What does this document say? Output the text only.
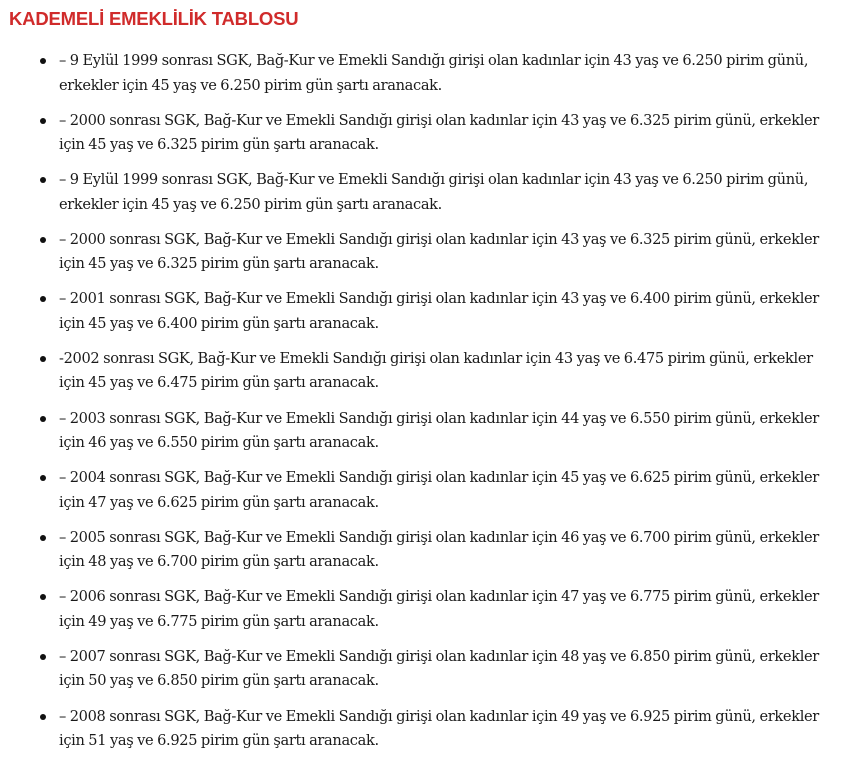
KADEMELİ EMEKLİLİK TABLOSU
– 9 Eylül 1999 sonrası SGK, Bağ-Kur ve Emekli Sandığı girişi olan kadınlar için 43 yaş ve 6.250 pirim günü, erkekler için 45 yaş ve 6.250 pirim gün şartı aranacak.
– 2000 sonrası SGK, Bağ-Kur ve Emekli Sandığı girişi olan kadınlar için 43 yaş ve 6.325 pirim günü, erkekler için 45 yaş ve 6.325 pirim gün şartı aranacak.
– 9 Eylül 1999 sonrası SGK, Bağ-Kur ve Emekli Sandığı girişi olan kadınlar için 43 yaş ve 6.250 pirim günü, erkekler için 45 yaş ve 6.250 pirim gün şartı aranacak.
– 2000 sonrası SGK, Bağ-Kur ve Emekli Sandığı girişi olan kadınlar için 43 yaş ve 6.325 pirim günü, erkekler için 45 yaş ve 6.325 pirim gün şartı aranacak.
– 2001 sonrası SGK, Bağ-Kur ve Emekli Sandığı girişi olan kadınlar için 43 yaş ve 6.400 pirim günü, erkekler için 45 yaş ve 6.400 pirim gün şartı aranacak.
-2002 sonrası SGK, Bağ-Kur ve Emekli Sandığı girişi olan kadınlar için 43 yaş ve 6.475 pirim günü, erkekler için 45 yaş ve 6.475 pirim gün şartı aranacak.
– 2003 sonrası SGK, Bağ-Kur ve Emekli Sandığı girişi olan kadınlar için 44 yaş ve 6.550 pirim günü, erkekler için 46 yaş ve 6.550 pirim gün şartı aranacak.
– 2004 sonrası SGK, Bağ-Kur ve Emekli Sandığı girişi olan kadınlar için 45 yaş ve 6.625 pirim günü, erkekler için 47 yaş ve 6.625 pirim gün şartı aranacak.
– 2005 sonrası SGK, Bağ-Kur ve Emekli Sandığı girişi olan kadınlar için 46 yaş ve 6.700 pirim günü, erkekler için 48 yaş ve 6.700 pirim gün şartı aranacak.
– 2006 sonrası SGK, Bağ-Kur ve Emekli Sandığı girişi olan kadınlar için 47 yaş ve 6.775 pirim günü, erkekler için 49 yaş ve 6.775 pirim gün şartı aranacak.
– 2007 sonrası SGK, Bağ-Kur ve Emekli Sandığı girişi olan kadınlar için 48 yaş ve 6.850 pirim günü, erkekler için 50 yaş ve 6.850 pirim gün şartı aranacak.
– 2008 sonrası SGK, Bağ-Kur ve Emekli Sandığı girişi olan kadınlar için 49 yaş ve 6.925 pirim günü, erkekler için 51 yaş ve 6.925 pirim gün şartı aranacak.
